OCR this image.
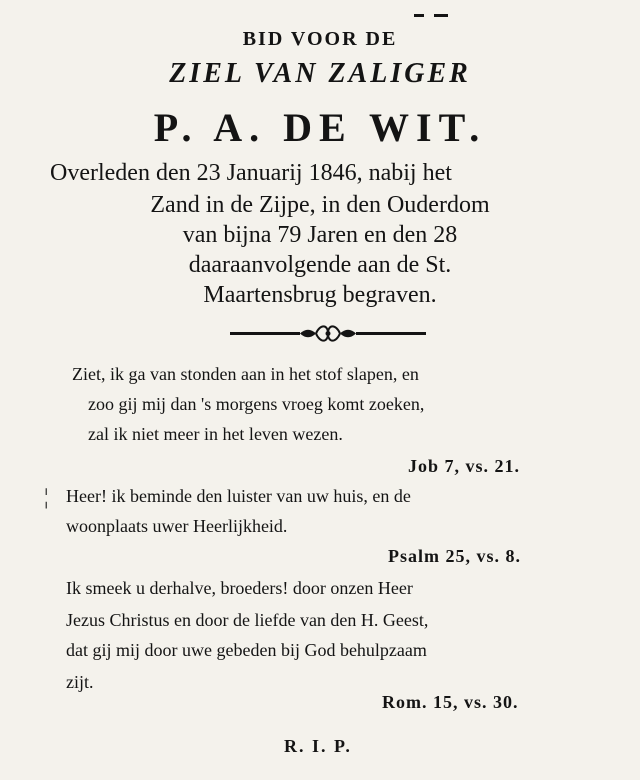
BID VOOR DE
ZIEL VAN ZALIGER
P. A. DE WIT.
Overleden den 23 Januarij 1846, nabij het
Zand in de Zijpe, in den Ouderdom
van bijna 79 Jaren en den 28
daaraanvolgende aan de St.
Maartensbrug begraven.
Ziet, ik ga van stonden aan in het stof slapen, en
zoo gij mij dan 's morgens vroeg komt zoeken,
zal ik niet meer in het leven wezen.
Job 7, vs. 21.
¦ Heer! ik beminde den luister van uw huis, en de
woonplaats uwer Heerlijkheid.
Psalm 25, vs. 8.
Ik smeek u derhalve, broeders! door onzen Heer
Jezus Christus en door de liefde van den H. Geest,
dat gij mij door uwe gebeden bij God behulpzaam
zijt.
Rom. 15, vs. 30.
R. I. P.
